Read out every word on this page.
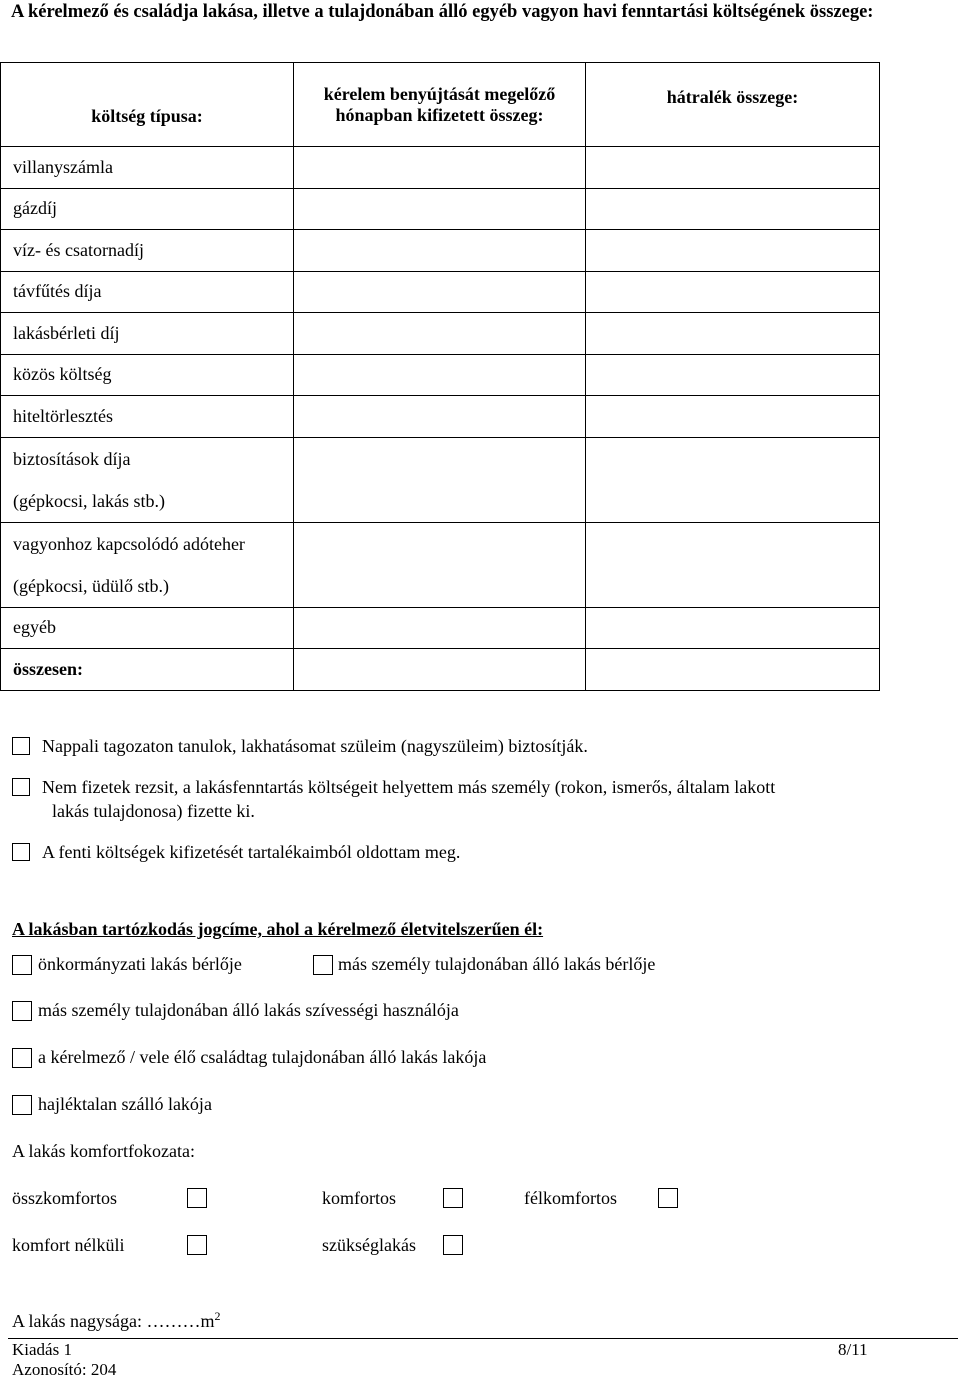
A kérelmező és családja lakása, illetve a tulajdonában álló egyéb vagyon havi fenntartási költségének összege:
költség típusa:	kérelem benyújtását megelőző hónapban kifizetett összeg:	hátralék összege:
villanyszámla		
gázdíj		
víz- és csatornadíj		
távfűtés díja		
lakásbérleti díj		
közös költség		
hiteltörlesztés		

biztosítások díja
(gépkocsi, lakás stb.)		

vagyonhoz kapcsolódó adóteher
(gépkocsi, üdülő stb.)		

egyéb		
összesen:		
Nappali tagozaton tanulok, lakhatásomat szüleim (nagyszüleim) biztosítják.
Nem fizetek rezsit, a lakásfenntartás költségeit helyettem más személy (rokon, ismerős, általam lakott
lakás tulajdonosa) fizette ki.
A fenti költségek kifizetését tartalékaimból oldottam meg.
A lakásban tartózkodás jogcíme, ahol a kérelmező életvitelszerűen él:
önkormányzati lakás bérlője	más személy tulajdonában álló lakás bérlője
más személy tulajdonában álló lakás szívességi használója
a kérelmező / vele élő családtag tulajdonában álló lakás lakója
hajléktalan szálló lakója
A lakás komfortfokozata:
összkomfortos	komfortos	félkomfortos
komfort nélküli	szükséglakás
A lakás nagysága: $\dots\dots\dots m^2$
Kiadás 1
Azonosító: 204
8/11
